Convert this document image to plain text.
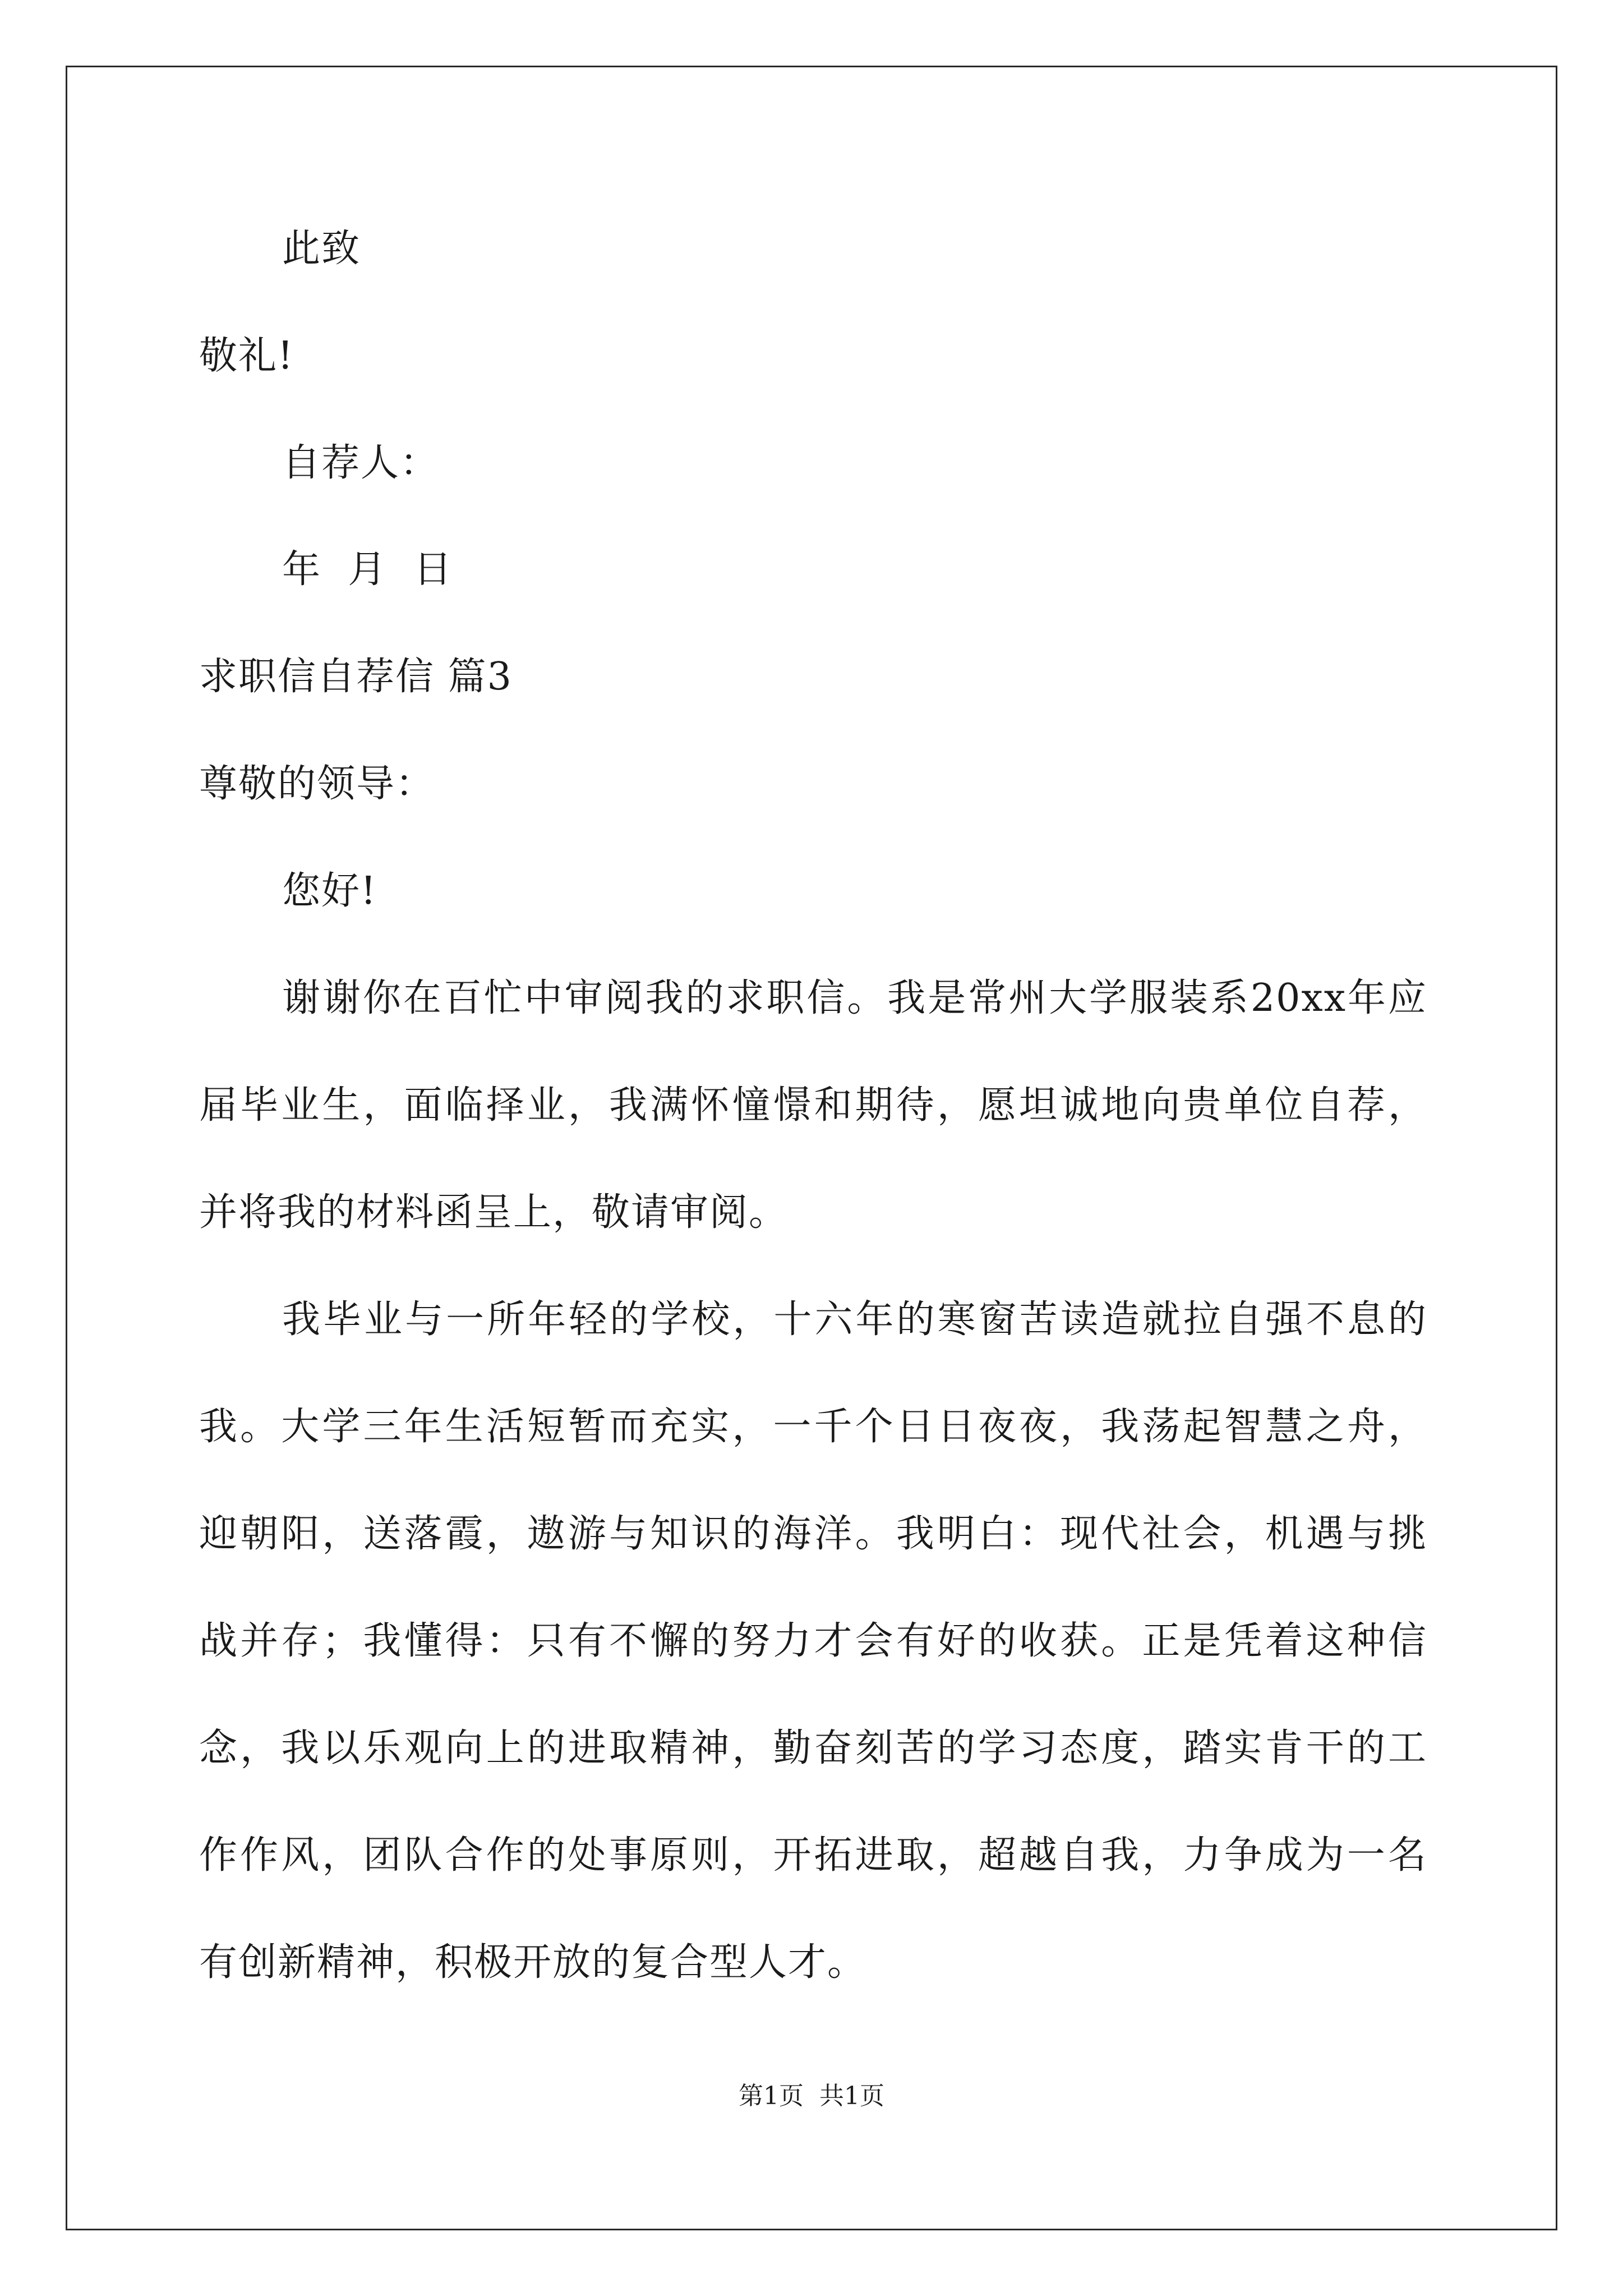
此致
敬礼!
自荐人：
年  月  日
求职信自荐信 篇3
尊敬的领导：
您好!
谢谢你在百忙中审阅我的求职信。我是常州大学服装系20xx年应
届毕业生，面临择业，我满怀憧憬和期待，愿坦诚地向贵单位自荐，
并将我的材料函呈上，敬请审阅。
我毕业与一所年轻的学校，十六年的寒窗苦读造就拉自强不息的
我。大学三年生活短暂而充实，一千个日日夜夜，我荡起智慧之舟，
迎朝阳，送落霞，遨游与知识的海洋。我明白：现代社会，机遇与挑
战并存；我懂得：只有不懈的努力才会有好的收获。正是凭着这种信
念，我以乐观向上的进取精神，勤奋刻苦的学习态度，踏实肯干的工
作作风，团队合作的处事原则，开拓进取，超越自我，力争成为一名
有创新精神，积极开放的复合型人才。
第1页  共1页
